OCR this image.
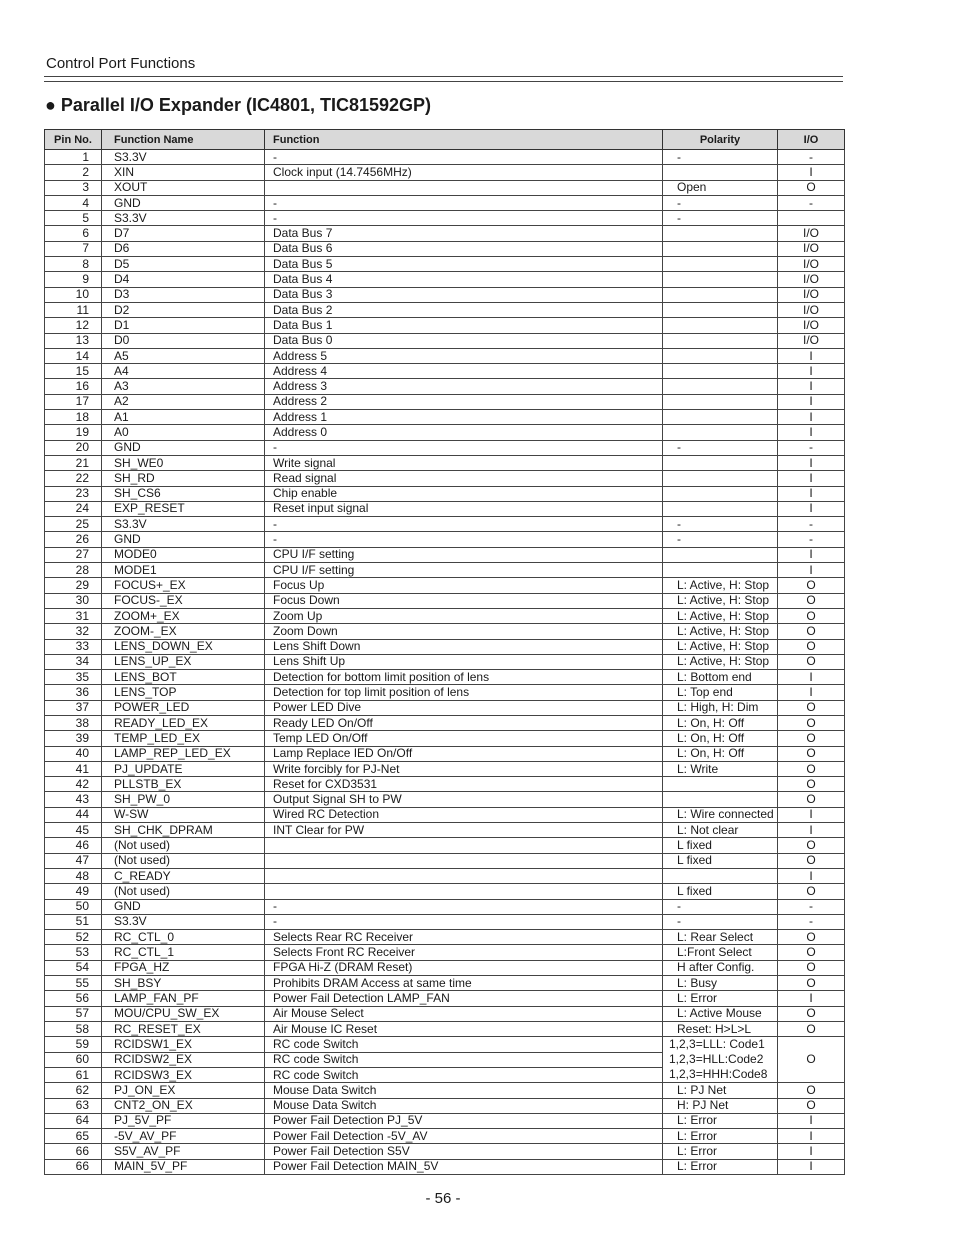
Control Port Functions
● Parallel I/O Expander (IC4801, TIC81592GP)
Pin No.	Function Name	Function	Polarity	I/O
1	S3.3V	-	-	-
2	XIN	Clock input (14.7456MHz)		I
3	XOUT		Open	O
4	GND	-	-	-
5	S3.3V	-	-	
6	D7	Data Bus 7		I/O
7	D6	Data Bus 6		I/O
8	D5	Data Bus 5		I/O
9	D4	Data Bus 4		I/O
10	D3	Data Bus 3		I/O
11	D2	Data Bus 2		I/O
12	D1	Data Bus 1		I/O
13	D0	Data Bus 0		I/O
14	A5	Address 5		I
15	A4	Address 4		I
16	A3	Address 3		I
17	A2	Address 2		I
18	A1	Address 1		I
19	A0	Address 0		I
20	GND	-	-	-
21	SH_WE0	Write signal		I
22	SH_RD	Read signal		I
23	SH_CS6	Chip enable		I
24	EXP_RESET	Reset input signal		I
25	S3.3V	-	-	-
26	GND	-	-	-
27	MODE0	CPU I/F setting		I
28	MODE1	CPU I/F setting		I
29	FOCUS+_EX	Focus Up	L: Active, H: Stop	O
30	FOCUS-_EX	Focus Down	L: Active, H: Stop	O
31	ZOOM+_EX	Zoom Up	L: Active, H: Stop	O
32	ZOOM-_EX	Zoom Down	L: Active, H: Stop	O
33	LENS_DOWN_EX	Lens Shift Down	L: Active, H: Stop	O
34	LENS_UP_EX	Lens Shift Up	L: Active, H: Stop	O
35	LENS_BOT	Detection for bottom limit position of lens	L: Bottom end	I
36	LENS_TOP	Detection for top limit position of lens	L: Top end	I
37	POWER_LED	Power LED Dive	L: High, H: Dim	O
38	READY_LED_EX	Ready LED On/Off	L: On, H: Off	O
39	TEMP_LED_EX	Temp LED On/Off	L: On, H: Off	O
40	LAMP_REP_LED_EX	Lamp Replace IED On/Off	L: On, H: Off	O
41	PJ_UPDATE	Write forcibly for PJ-Net	L: Write	O
42	PLLSTB_EX	Reset for CXD3531		O
43	SH_PW_0	Output Signal SH to PW		O
44	W-SW	Wired RC Detection	L: Wire connected	I
45	SH_CHK_DPRAM	INT Clear for PW	L: Not clear	I
46	(Not used)		L fixed	O
47	(Not used)		L fixed	O
48	C_READY			I
49	(Not used)		L fixed	O
50	GND	-	-	-
51	S3.3V	-	-	-
52	RC_CTL_0	Selects Rear RC Receiver	L: Rear Select	O
53	RC_CTL_1	Selects Front RC Receiver	L:Front Select	O
54	FPGA_HZ	FPGA Hi-Z (DRAM Reset)	H after Config.	O
55	SH_BSY	Prohibits DRAM Access at same time	L: Busy	O
56	LAMP_FAN_PF	Power Fail Detection LAMP_FAN	L: Error	I
57	MOU/CPU_SW_EX	Air Mouse Select	L: Active Mouse	O
58	RC_RESET_EX	Air Mouse IC Reset	Reset: H>L>L	O
59	RCIDSW1_EX	RC code Switch	1,2,3=LLL: Code1
1,2,3=HLL:Code2
1,2,3=HHH:Code8	O
60	RCIDSW2_EX	RC code Switch		
61	RCIDSW3_EX	RC code Switch		
62	PJ_ON_EX	Mouse Data Switch	L: PJ Net	O
63	CNT2_ON_EX	Mouse Data Switch	H: PJ Net	O
64	PJ_5V_PF	Power Fail Detection PJ_5V	L: Error	I
65	-5V_AV_PF	Power Fail Detection -5V_AV	L: Error	I
66	S5V_AV_PF	Power Fail Detection S5V	L: Error	I
66	MAIN_5V_PF	Power Fail Detection MAIN_5V	L: Error	I
- 56 -
